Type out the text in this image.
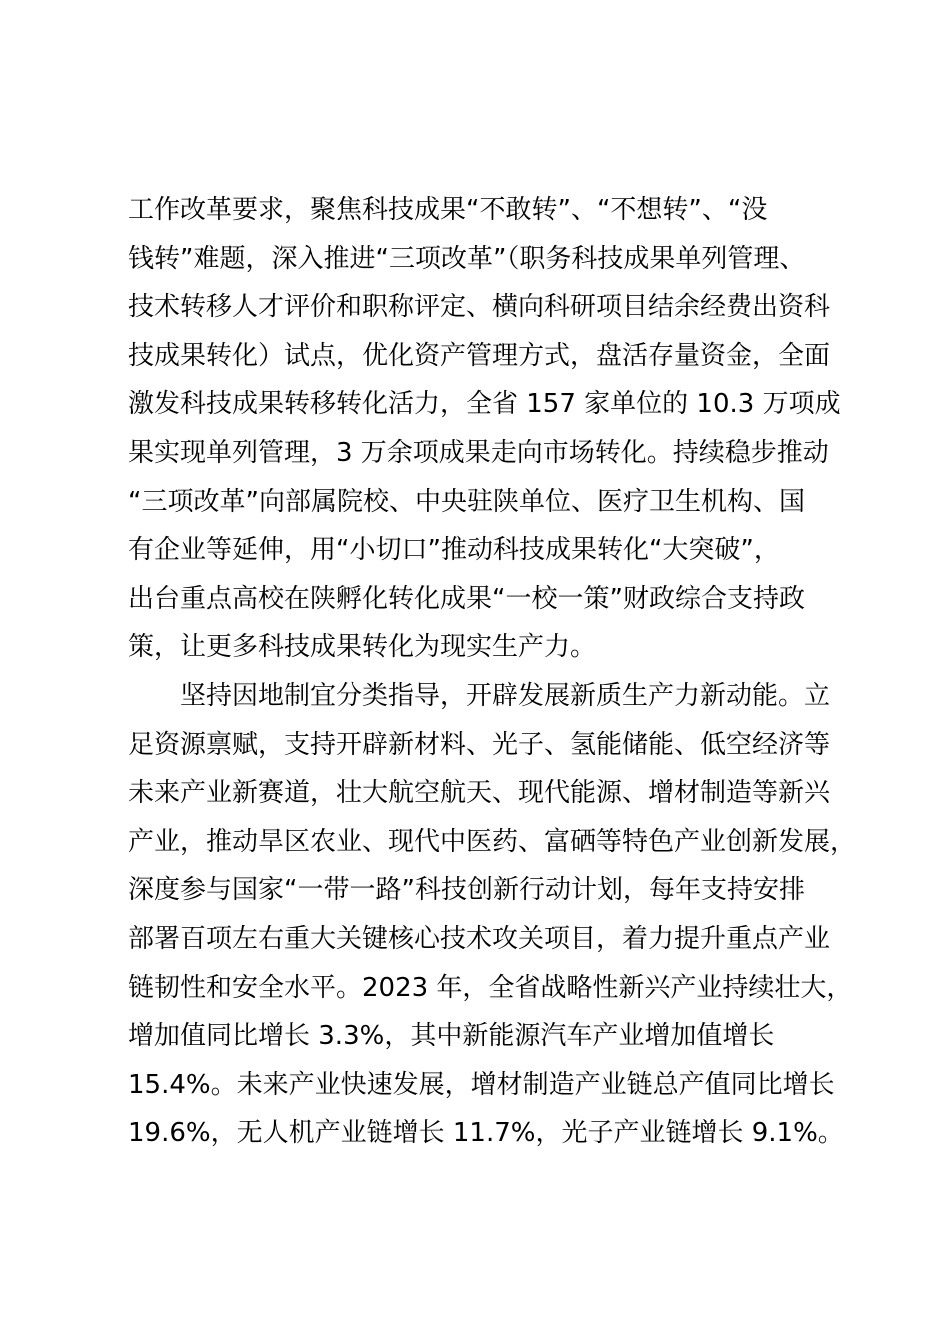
工作改革要求，聚焦科技成果“不敢转”、“不想转”、“没
钱转”难题，深入推进“三项改革”（职务科技成果单列管理、
技术转移人才评价和职称评定、横向科研项目结余经费出资科
技成果转化）试点，优化资产管理方式，盘活存量资金，全面
激发科技成果转移转化活力，全省 157 家单位的 10.3 万项成
果实现单列管理，3 万余项成果走向市场转化。持续稳步推动
“三项改革”向部属院校、中央驻陕单位、医疗卫生机构、国
有企业等延伸，用“小切口”推动科技成果转化“大突破”，
出台重点高校在陕孵化转化成果“一校一策”财政综合支持政
策，让更多科技成果转化为现实生产力。
坚持因地制宜分类指导，开辟发展新质生产力新动能。立
足资源禀赋，支持开辟新材料、光子、氢能储能、低空经济等
未来产业新赛道，壮大航空航天、现代能源、增材制造等新兴
产业，推动旱区农业、现代中医药、富硒等特色产业创新发展，
深度参与国家“一带一路”科技创新行动计划，每年支持安排
部署百项左右重大关键核心技术攻关项目，着力提升重点产业
链韧性和安全水平。2023 年，全省战略性新兴产业持续壮大，
增加值同比增长 3.3%，其中新能源汽车产业增加值增长
15.4%。未来产业快速发展，增材制造产业链总产值同比增长
19.6%，无人机产业链增长 11.7%，光子产业链增长 9.1%。
